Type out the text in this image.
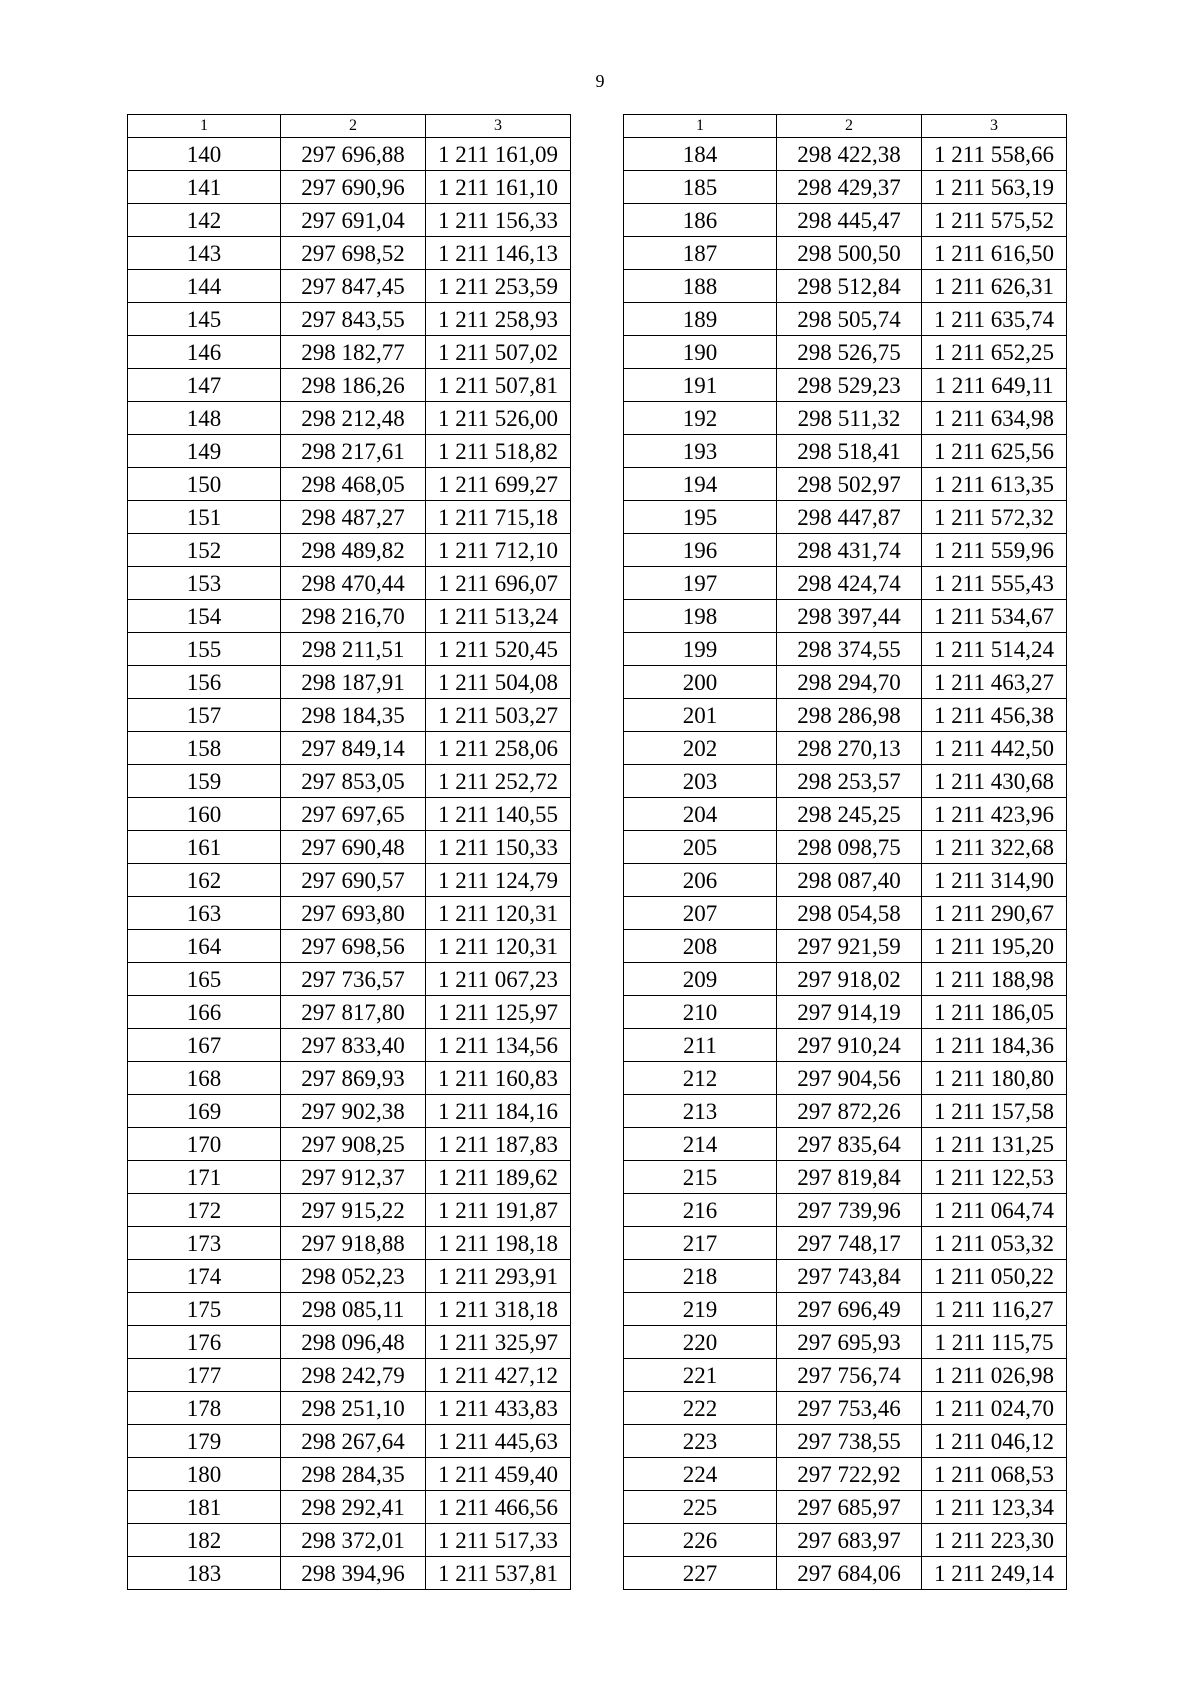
9
1	2	3
140	297 696,88	1 211 161,09
141	297 690,96	1 211 161,10
142	297 691,04	1 211 156,33
143	297 698,52	1 211 146,13
144	297 847,45	1 211 253,59
145	297 843,55	1 211 258,93
146	298 182,77	1 211 507,02
147	298 186,26	1 211 507,81
148	298 212,48	1 211 526,00
149	298 217,61	1 211 518,82
150	298 468,05	1 211 699,27
151	298 487,27	1 211 715,18
152	298 489,82	1 211 712,10
153	298 470,44	1 211 696,07
154	298 216,70	1 211 513,24
155	298 211,51	1 211 520,45
156	298 187,91	1 211 504,08
157	298 184,35	1 211 503,27
158	297 849,14	1 211 258,06
159	297 853,05	1 211 252,72
160	297 697,65	1 211 140,55
161	297 690,48	1 211 150,33
162	297 690,57	1 211 124,79
163	297 693,80	1 211 120,31
164	297 698,56	1 211 120,31
165	297 736,57	1 211 067,23
166	297 817,80	1 211 125,97
167	297 833,40	1 211 134,56
168	297 869,93	1 211 160,83
169	297 902,38	1 211 184,16
170	297 908,25	1 211 187,83
171	297 912,37	1 211 189,62
172	297 915,22	1 211 191,87
173	297 918,88	1 211 198,18
174	298 052,23	1 211 293,91
175	298 085,11	1 211 318,18
176	298 096,48	1 211 325,97
177	298 242,79	1 211 427,12
178	298 251,10	1 211 433,83
179	298 267,64	1 211 445,63
180	298 284,35	1 211 459,40
181	298 292,41	1 211 466,56
182	298 372,01	1 211 517,33
183	298 394,96	1 211 537,81
1	2	3
184	298 422,38	1 211 558,66
185	298 429,37	1 211 563,19
186	298 445,47	1 211 575,52
187	298 500,50	1 211 616,50
188	298 512,84	1 211 626,31
189	298 505,74	1 211 635,74
190	298 526,75	1 211 652,25
191	298 529,23	1 211 649,11
192	298 511,32	1 211 634,98
193	298 518,41	1 211 625,56
194	298 502,97	1 211 613,35
195	298 447,87	1 211 572,32
196	298 431,74	1 211 559,96
197	298 424,74	1 211 555,43
198	298 397,44	1 211 534,67
199	298 374,55	1 211 514,24
200	298 294,70	1 211 463,27
201	298 286,98	1 211 456,38
202	298 270,13	1 211 442,50
203	298 253,57	1 211 430,68
204	298 245,25	1 211 423,96
205	298 098,75	1 211 322,68
206	298 087,40	1 211 314,90
207	298 054,58	1 211 290,67
208	297 921,59	1 211 195,20
209	297 918,02	1 211 188,98
210	297 914,19	1 211 186,05
211	297 910,24	1 211 184,36
212	297 904,56	1 211 180,80
213	297 872,26	1 211 157,58
214	297 835,64	1 211 131,25
215	297 819,84	1 211 122,53
216	297 739,96	1 211 064,74
217	297 748,17	1 211 053,32
218	297 743,84	1 211 050,22
219	297 696,49	1 211 116,27
220	297 695,93	1 211 115,75
221	297 756,74	1 211 026,98
222	297 753,46	1 211 024,70
223	297 738,55	1 211 046,12
224	297 722,92	1 211 068,53
225	297 685,97	1 211 123,34
226	297 683,97	1 211 223,30
227	297 684,06	1 211 249,14
